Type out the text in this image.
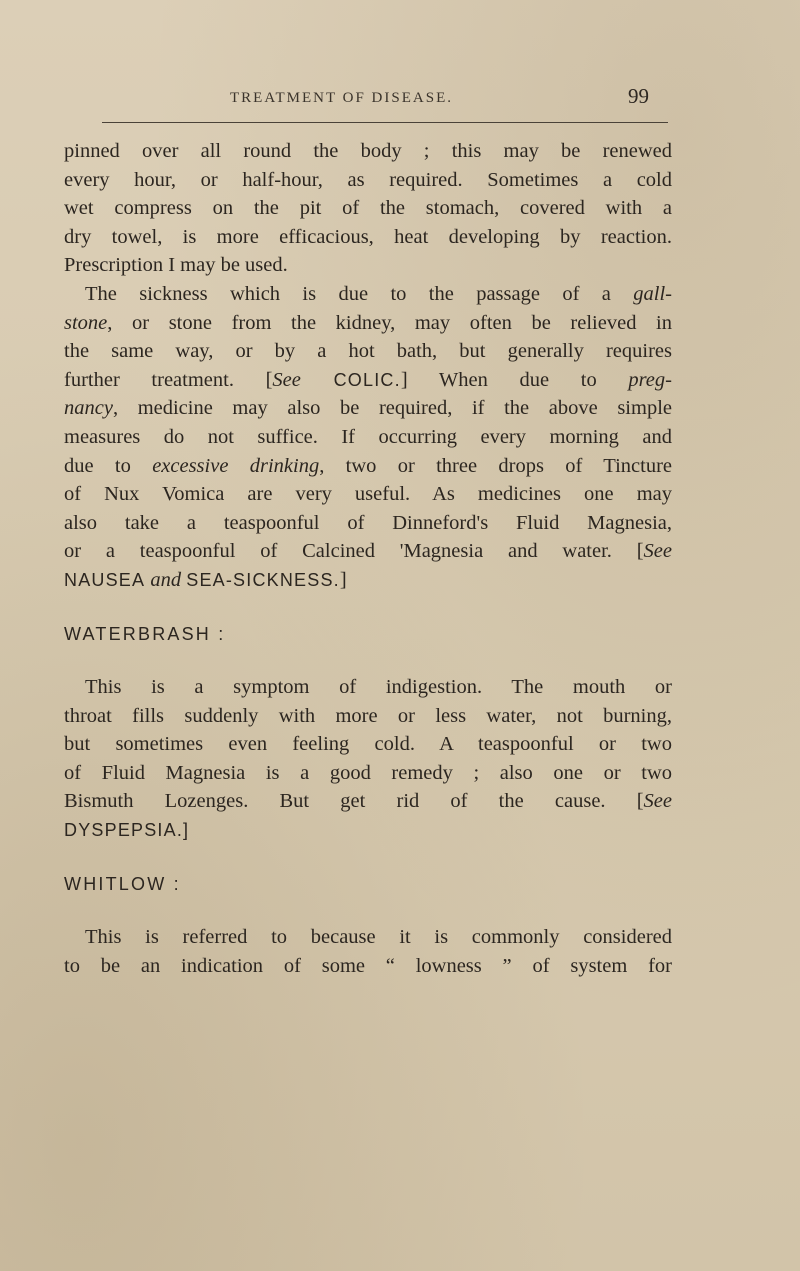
TREATMENT OF DISEASE.	99
pinned over all round the body ; this may be renewed
every hour, or half-hour, as required. Sometimes a cold
wet compress on the pit of the stomach, covered with a
dry towel, is more efficacious, heat developing by reaction.
Prescription I may be used.
The sickness which is due to the passage of a gall-
stone, or stone from the kidney, may often be relieved in
the same way, or by a hot bath, but generally requires
further treatment. [See COLIC.] When due to preg-
nancy, medicine may also be required, if the above simple
measures do not suffice. If occurring every morning and
due to excessive drinking, two or three drops of Tincture
of Nux Vomica are very useful. As medicines one may
also take a teaspoonful of Dinneford's Fluid Magnesia,
or a teaspoonful of Calcined 'Magnesia and water. [See
NAUSEA and SEA-SICKNESS.]
WATERBRASH :
This is a symptom of indigestion. The mouth or
throat fills suddenly with more or less water, not burning,
but sometimes even feeling cold. A teaspoonful or two
of Fluid Magnesia is a good remedy ; also one or two
Bismuth Lozenges. But get rid of the cause. [See
DYSPEPSIA.]
WHITLOW :
This is referred to because it is commonly considered
to be an indication of some “ lowness ” of system for
